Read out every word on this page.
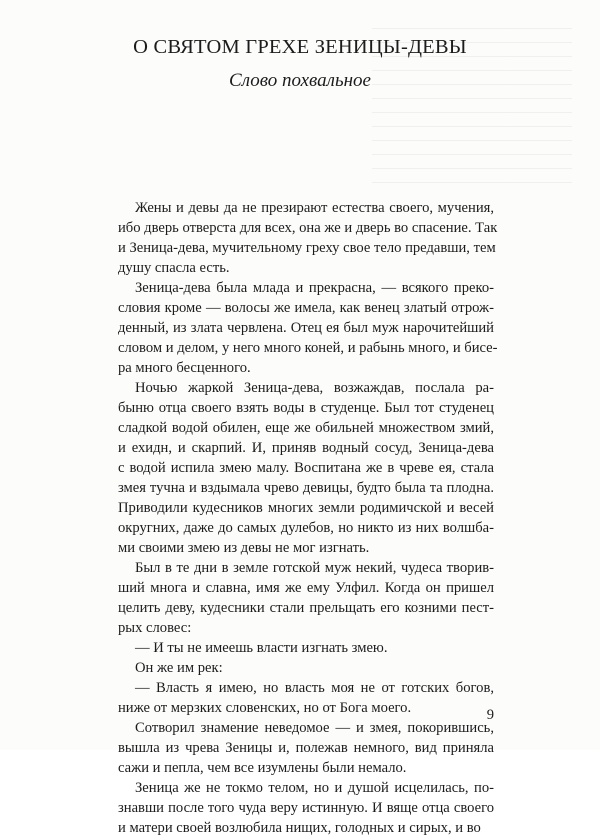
О СВЯТОМ ГРЕХЕ ЗЕНИЦЫ-ДЕВЫ
Слово похвальное
Жены и девы да не презирают естества своего, мучения,
ибо дверь отверста для всех, она же и дверь во спасение. Так
и Зеница-дева, мучительному греху свое тело предавши, тем
душу спасла есть.
Зеница-дева была млада и прекрасна, — всякого преко-
словия кроме — волосы же имела, как венец златый отрож-
денный, из злата червлена. Отец ея был муж нарочитейший
словом и делом, у него много коней, и рабынь много, и бисе-
ра много бесценного.
Ночью жаркой Зеница-дева, возжаждав, послала ра-
быню отца своего взять воды в студенце. Был тот студенец
сладкой водой обилен, еще же обильней множеством змий,
и ехидн, и скарпий. И, приняв водный сосуд, Зеница-дева
с водой испила змею малу. Воспитана же в чреве ея, стала
змея тучна и вздымала чрево девицы, будто была та плодна.
Приводили кудесников многих земли родимичской и весей
округних, даже до самых дулебов, но никто из них волшба-
ми своими змею из девы не мог изгнать.
Был в те дни в земле готской муж некий, чудеса творив-
ший многа и славна, имя же ему Улфил. Когда он пришел
целить деву, кудесники стали прельщать его козними пест-
рых словес:
— И ты не имеешь власти изгнать змею.
Он же им рек:
— Власть я имею, но власть моя не от готских богов,
ниже от мерзких словенских, но от Бога моего.
Сотворил знамение неведомое — и змея, покорившись,
вышла из чрева Зеницы и, полежав немного, вид приняла
сажи и пепла, чем все изумлены были немало.
Зеница же не токмо телом, но и душой исцелилась, по-
знавши после того чуда веру истинную. И вяще отца своего
и матери своей возлюбила нищих, голодных и сирых, и во
9
